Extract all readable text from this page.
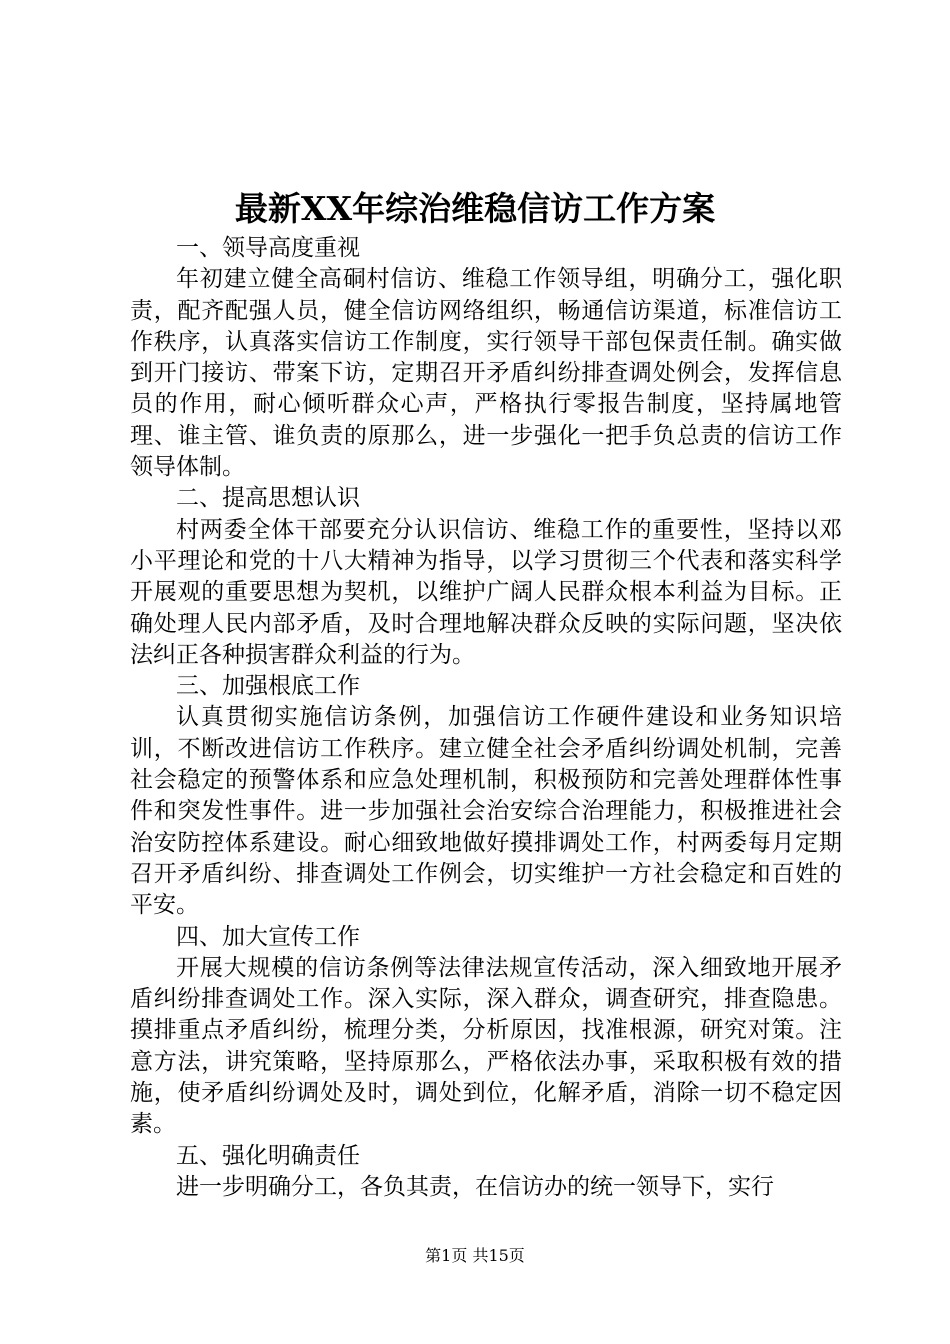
最新XX年综治维稳信访工作方案

一、领导高度重视

年初建立健全高硐村信访、维稳工作领导组，明确分工，强化职责，配齐配强人员，健全信访网络组织，畅通信访渠道，标准信访工作秩序，认真落实信访工作制度，实行领导干部包保责任制。确实做到开门接访、带案下访，定期召开矛盾纠纷排查调处例会，发挥信息员的作用，耐心倾听群众心声，严格执行零报告制度，坚持属地管理、谁主管、谁负责的原那么，进一步强化一把手负总责的信访工作领导体制。

二、提高思想认识

村两委全体干部要充分认识信访、维稳工作的重要性，坚持以邓小平理论和党的十八大精神为指导，以学习贯彻三个代表和落实科学开展观的重要思想为契机，以维护广阔人民群众根本利益为目标。正确处理人民内部矛盾，及时合理地解决群众反映的实际问题，坚决依法纠正各种损害群众利益的行为。

三、加强根底工作

认真贯彻实施信访条例，加强信访工作硬件建设和业务知识培训，不断改进信访工作秩序。建立健全社会矛盾纠纷调处机制，完善社会稳定的预警体系和应急处理机制，积极预防和完善处理群体性事件和突发性事件。进一步加强社会治安综合治理能力，积极推进社会治安防控体系建设。耐心细致地做好摸排调处工作，村两委每月定期召开矛盾纠纷、排查调处工作例会，切实维护一方社会稳定和百姓的平安。

四、加大宣传工作

开展大规模的信访条例等法律法规宣传活动，深入细致地开展矛盾纠纷排查调处工作。深入实际，深入群众，调查研究，排查隐患。摸排重点矛盾纠纷，梳理分类，分析原因，找准根源，研究对策。注意方法，讲究策略，坚持原那么，严格依法办事，采取积极有效的措施，使矛盾纠纷调处及时，调处到位，化解矛盾，消除一切不稳定因素。

五、强化明确责任

进一步明确分工，各负其责，在信访办的统一领导下，实行

第1页 共15页
